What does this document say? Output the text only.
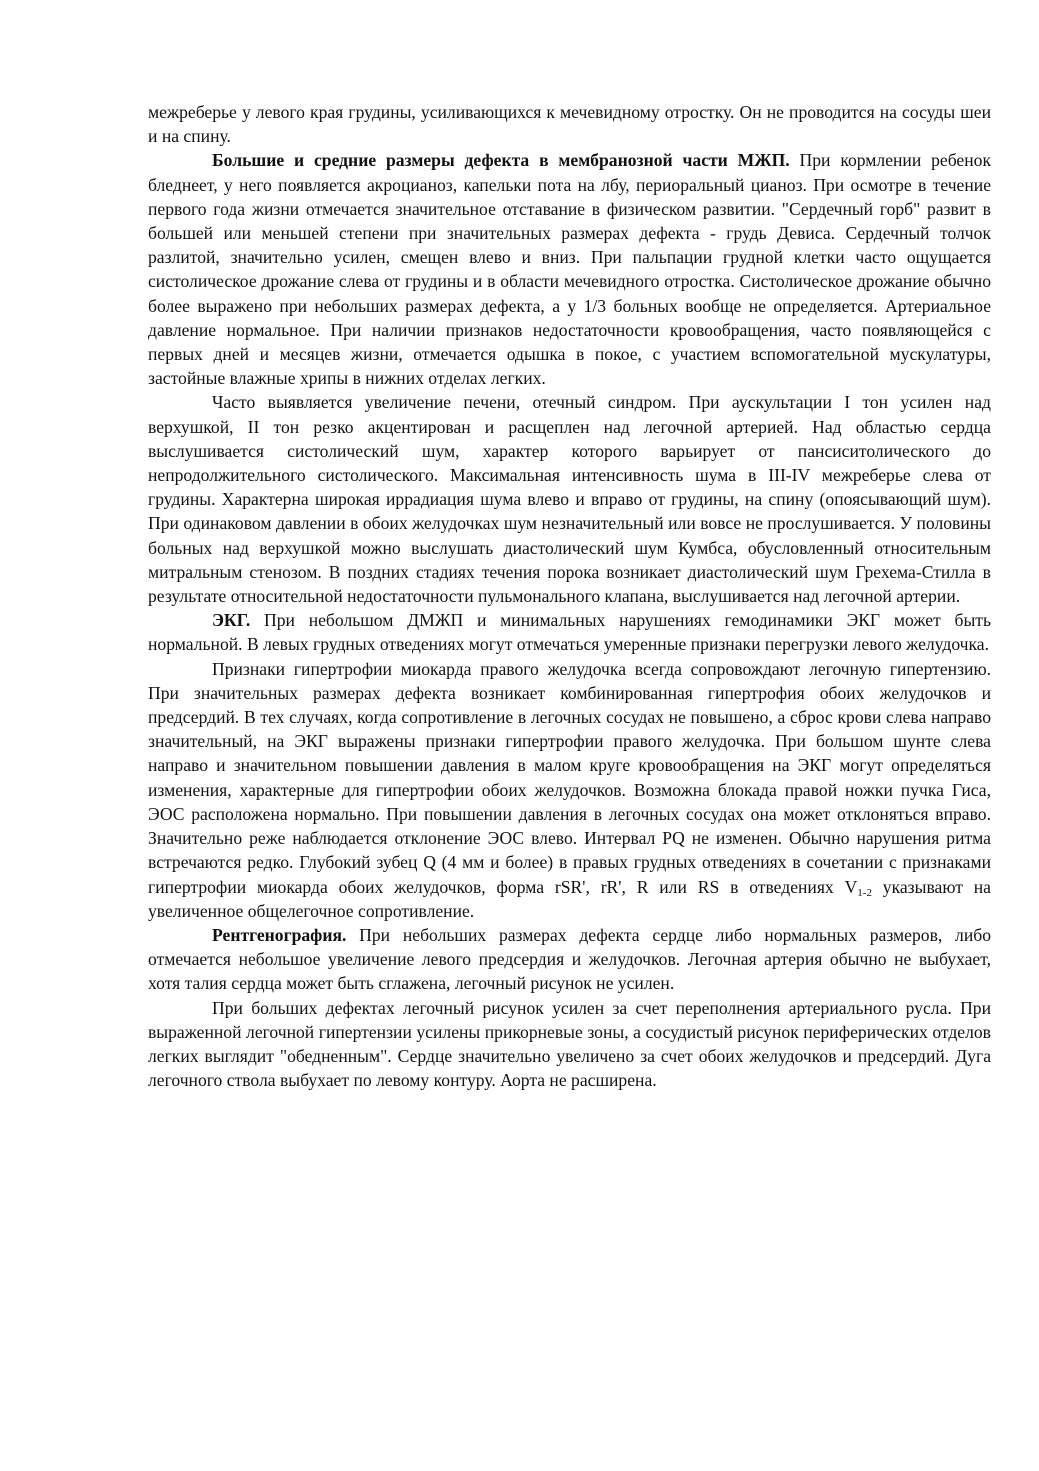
межреберье у левого края грудины, усиливающихся к мечевидному отростку. Он не проводится на сосуды шеи и на спину.

Большие и средние размеры дефекта в мембранозной части МЖП. При кормлении ребенок бледнеет, у него появляется акроцианоз, капельки пота на лбу, периоральный цианоз. При осмотре в течение первого года жизни отмечается значительное отставание в физическом развитии. "Сердечный горб" развит в большей или меньшей степени при значительных размерах дефекта - грудь Девиса. Сердечный толчок разлитой, значительно усилен, смещен влево и вниз. При пальпации грудной клетки часто ощущается систолическое дрожание слева от грудины и в области мечевидного отростка. Систолическое дрожание обычно более выражено при небольших размерах дефекта, а у 1/3 больных вообще не определяется. Артериальное давление нормальное. При наличии признаков недостаточности кровообращения, часто появляющейся с первых дней и месяцев жизни, отмечается одышка в покое, с участием вспомогательной мускулатуры, застойные влажные хрипы в нижних отделах легких.

Часто выявляется увеличение печени, отечный синдром. При аускультации I тон усилен над верхушкой, II тон резко акцентирован и расщеплен над легочной артерией. Над областью сердца выслушивается систолический шум, характер которого варьирует от пансиситолического до непродолжительного систолического. Максимальная интенсивность шума в III-IV межреберье слева от грудины. Характерна широкая иррадиация шума влево и вправо от грудины, на спину (опоясывающий шум). При одинаковом давлении в обоих желудочках шум незначительный или вовсе не прослушивается. У половины больных над верхушкой можно выслушать диастолический шум Кумбса, обусловленный относительным митральным стенозом. В поздних стадиях течения порока возникает диастолический шум Грехема-Стилла в результате относительной недостаточности пульмонального клапана, выслушивается над легочной артерии.

ЭКГ. При небольшом ДМЖП и минимальных нарушениях гемодинамики ЭКГ может быть нормальной. В левых грудных отведениях могут отмечаться умеренные признаки перегрузки левого желудочка.

Признаки гипертрофии миокарда правого желудочка всегда сопровождают легочную гипертензию. При значительных размерах дефекта возникает комбинированная гипертрофия обоих желудочков и предсердий. В тех случаях, когда сопротивление в легочных сосудах не повышено, а сброс крови слева направо значительный, на ЭКГ выражены признаки гипертрофии правого желудочка. При большом шунте слева направо и значительном повышении давления в малом круге кровообращения на ЭКГ могут определяться изменения, характерные для гипертрофии обоих желудочков. Возможна блокада правой ножки пучка Гиса, ЭОС расположена нормально. При повышении давления в легочных сосудах она может отклоняться вправо. Значительно реже наблюдается отклонение ЭОС влево. Интервал PQ не изменен. Обычно нарушения ритма встречаются редко. Глубокий зубец Q (4 мм и более) в правых грудных отведениях в сочетании с признаками гипертрофии миокарда обоих желудочков, форма rSR', rR', R или RS в отведениях $V_{1-2}$ указывают на увеличенное общелегочное сопротивление.

Рентгенография. При небольших размерах дефекта сердце либо нормальных размеров, либо отмечается небольшое увеличение левого предсердия и желудочков. Легочная артерия обычно не выбухает, хотя талия сердца может быть сглажена, легочный рисунок не усилен.

При больших дефектах легочный рисунок усилен за счет переполнения артериального русла. При выраженной легочной гипертензии усилены прикорневые зоны, а сосудистый рисунок периферических отделов легких выглядит "обедненным". Сердце значительно увеличено за счет обоих желудочков и предсердий. Дуга легочного ствола выбухает по левому контуру. Аорта не расширена.
